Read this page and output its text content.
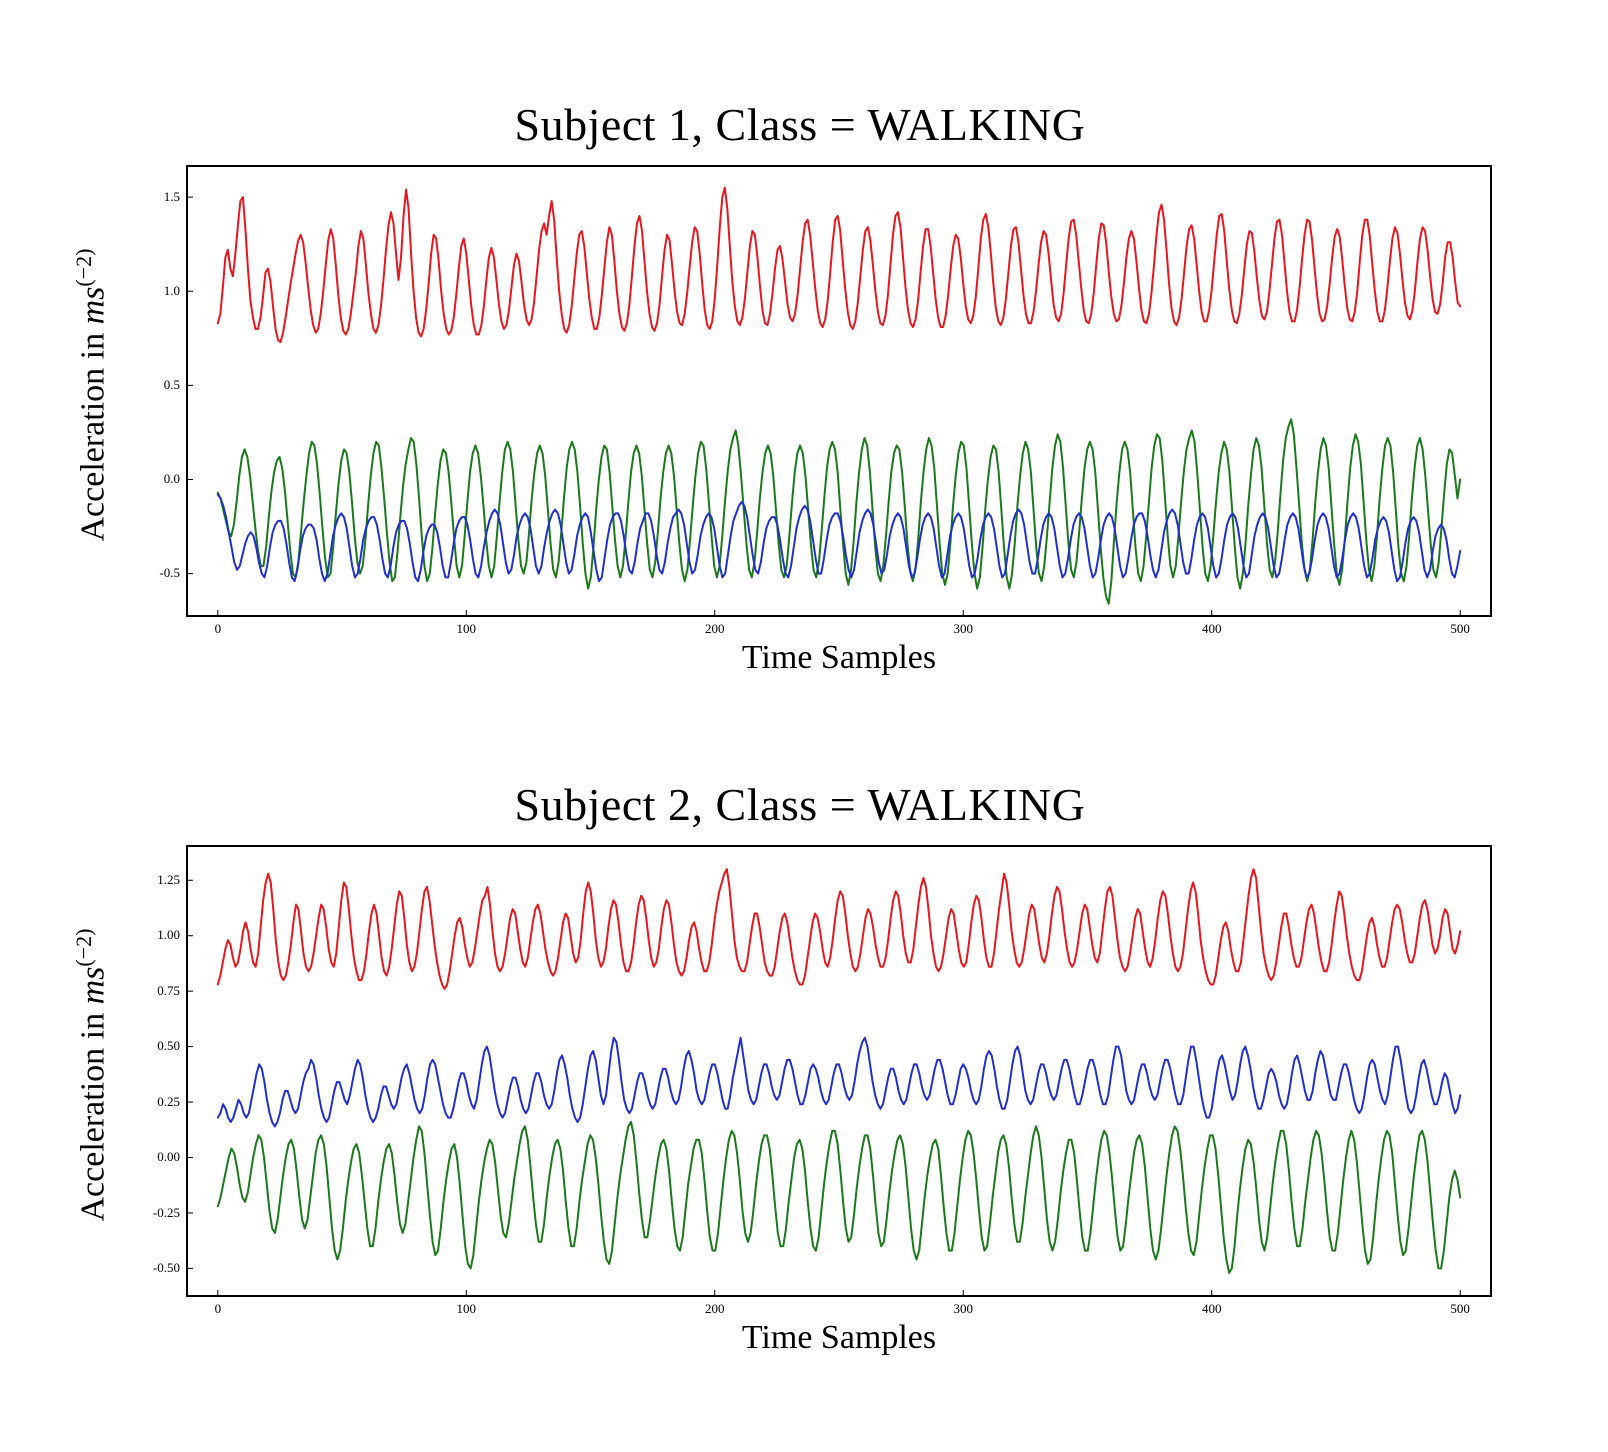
Subject 1, Class = WALKING
Acceleration in $ms^{(-2)}$
-0.5
0.0
0.5
1.0
1.5
0	100	200	300	400	500
Time Samples
Subject 2, Class = WALKING
Acceleration in $ms^{(-2)}$
-0.50
-0.25
0.00
0.25
0.50
0.75
1.00
1.25
0	100	200	300	400	500
Time Samples
